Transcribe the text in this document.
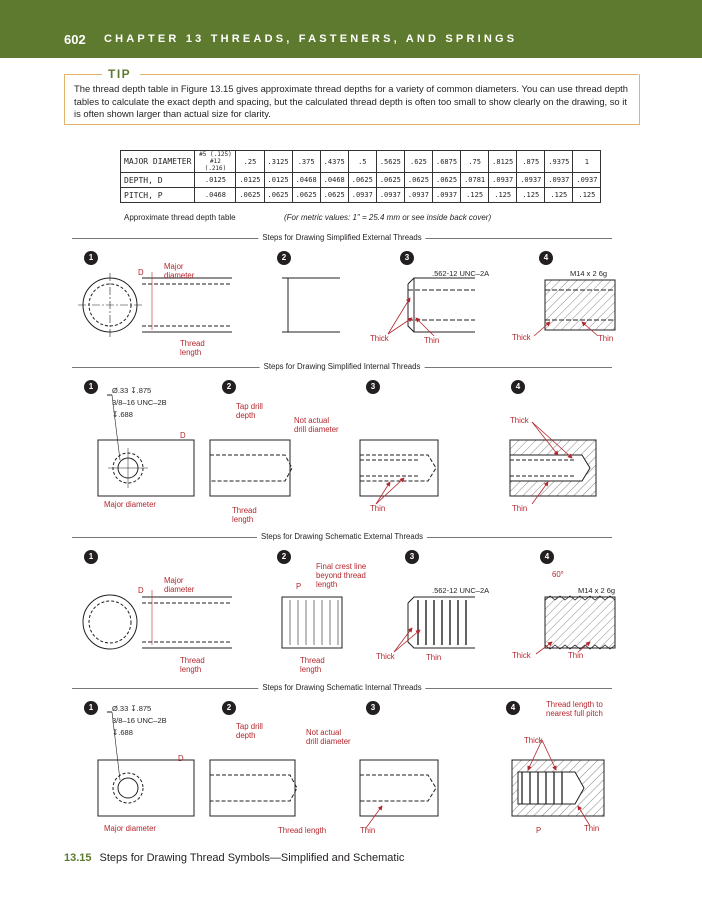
602 CHAPTER 13 THREADS, FASTENERS, AND SPRINGS
TIP
The thread depth table in Figure 13.15 gives approximate thread depths for a variety of common diameters. You can use thread depth tables to calculate the exact depth and spacing, but the calculated thread depth is often too small to show clearly on the drawing, so it is often shown larger than actual size for clarity.
MAJOR DIAMETER	#5 (.125) #12 (.216)	.25	.3125	.375	.4375	.5	.5625	.625	.6875	.75	.8125	.875	.9375	1
DEPTH, D	.0125	.0125	.0125	.0468	.0468	.0625	.0625	.0625	.0625	.0781	.0937	.0937	.0937	.0937
PITCH, P	.0468	.0625	.0625	.0625	.0625	.0937	.0937	.0937	.0937	.125	.125	.125	.125	.125
Approximate thread depth table	(For metric values: 1" = 25.4 mm or see inside back cover)
Steps for Drawing Simplified External Threads
Steps for Drawing Simplified Internal Threads
Steps for Drawing Schematic External Threads
Steps for Drawing Schematic Internal Threads
1	2	3	4
1	2	3	4
1	2	3	4
1	2	3	4
D
Major
diameter
Thread
length
.562-12 UNC–2A	M14 x 2 6g
Thick	Thin	Thick	Thin
Ø.33 ↧.875
3/8–16 UNC–2B
↧.688
D
Major diameter
Tap drill
depth
Not actual
drill diameter
Thread
length
Thin
Thick
Thin
D
Major
diameter
Thread
length
Final crest line
beyond thread
length
P
Thread
length
.562-12 UNC–2A
60°
M14 x 2 6g
Thick	Thin	Thick	Thin
Ø.33 ↧.875
3/8–16 UNC–2B
↧.688
D
Major diameter
Tap drill
depth	Not actual
drill diameter
Thread length	Thin
Thread length to
nearest full pitch
Thick
P	Thin
13.15 Steps for Drawing Thread Symbols—Simplified and Schematic
